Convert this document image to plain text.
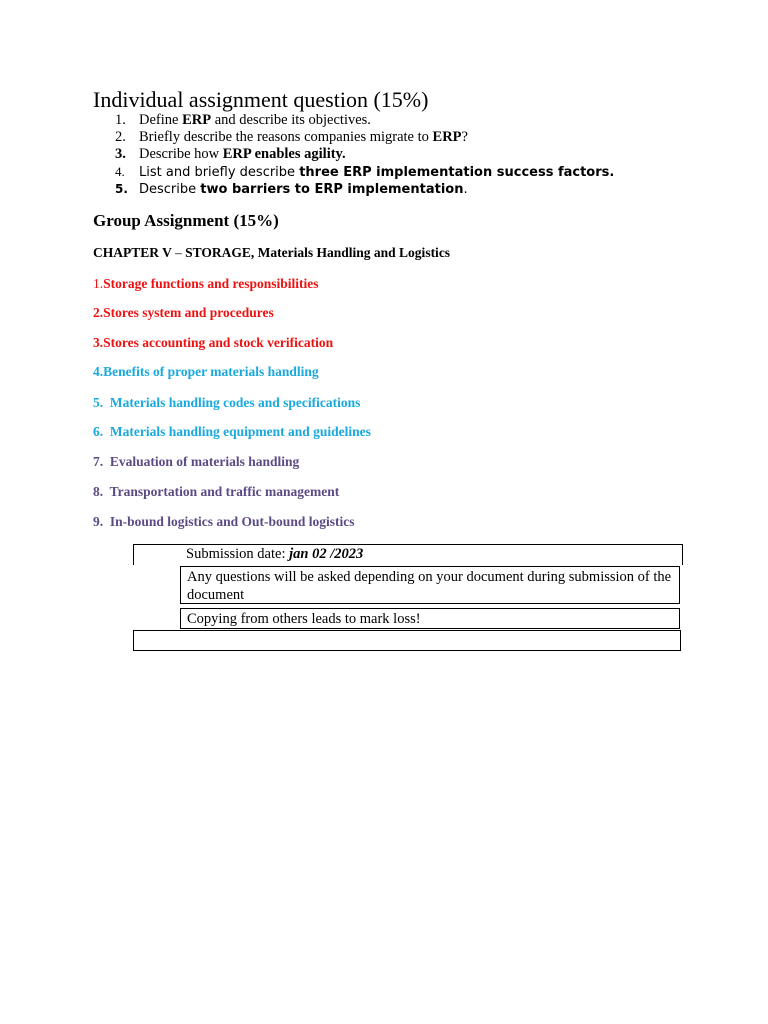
Individual assignment question (15%)
1. Define ERP and describe its objectives.
2. Briefly describe the reasons companies migrate to ERP?
3. Describe how ERP enables agility.
4. List and briefly describe three ERP implementation success factors.
5. Describe two barriers to ERP implementation.
Group Assignment (15%)
CHAPTER V – STORAGE, Materials Handling and Logistics
1.Storage functions and responsibilities
2.Stores system and procedures
3.Stores accounting and stock verification
4.Benefits of proper materials handling
5. Materials handling codes and specifications
6. Materials handling equipment and guidelines
7. Evaluation of materials handling
8. Transportation and traffic management
9. In-bound logistics and Out-bound logistics
Submission date: jan 02 /2023
Any questions will be asked depending on your document during submission of the document
Copying from others leads to mark loss!
